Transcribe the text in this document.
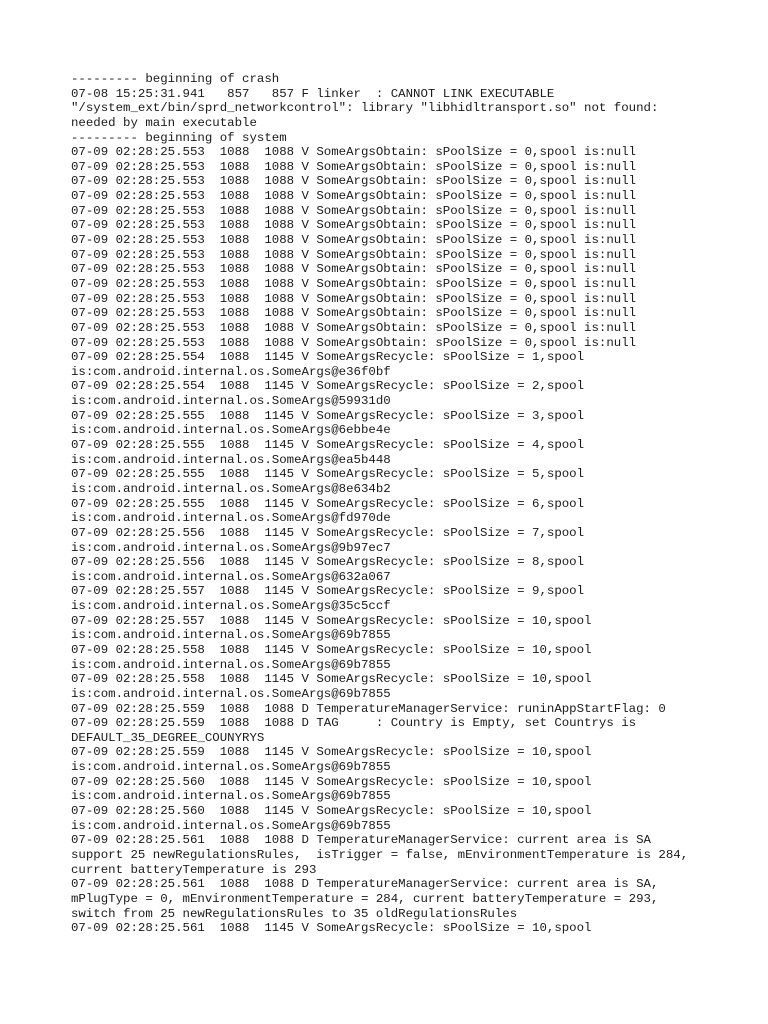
--------- beginning of crash
07-08 15:25:31.941   857   857 F linker  : CANNOT LINK EXECUTABLE
"/system_ext/bin/sprd_networkcontrol": library "libhidltransport.so" not found:
needed by main executable
--------- beginning of system
07-09 02:28:25.553  1088  1088 V SomeArgsObtain: sPoolSize = 0,spool is:null
07-09 02:28:25.553  1088  1088 V SomeArgsObtain: sPoolSize = 0,spool is:null
07-09 02:28:25.553  1088  1088 V SomeArgsObtain: sPoolSize = 0,spool is:null
07-09 02:28:25.553  1088  1088 V SomeArgsObtain: sPoolSize = 0,spool is:null
07-09 02:28:25.553  1088  1088 V SomeArgsObtain: sPoolSize = 0,spool is:null
07-09 02:28:25.553  1088  1088 V SomeArgsObtain: sPoolSize = 0,spool is:null
07-09 02:28:25.553  1088  1088 V SomeArgsObtain: sPoolSize = 0,spool is:null
07-09 02:28:25.553  1088  1088 V SomeArgsObtain: sPoolSize = 0,spool is:null
07-09 02:28:25.553  1088  1088 V SomeArgsObtain: sPoolSize = 0,spool is:null
07-09 02:28:25.553  1088  1088 V SomeArgsObtain: sPoolSize = 0,spool is:null
07-09 02:28:25.553  1088  1088 V SomeArgsObtain: sPoolSize = 0,spool is:null
07-09 02:28:25.553  1088  1088 V SomeArgsObtain: sPoolSize = 0,spool is:null
07-09 02:28:25.553  1088  1088 V SomeArgsObtain: sPoolSize = 0,spool is:null
07-09 02:28:25.553  1088  1088 V SomeArgsObtain: sPoolSize = 0,spool is:null
07-09 02:28:25.554  1088  1145 V SomeArgsRecycle: sPoolSize = 1,spool
is:com.android.internal.os.SomeArgs@e36f0bf
07-09 02:28:25.554  1088  1145 V SomeArgsRecycle: sPoolSize = 2,spool
is:com.android.internal.os.SomeArgs@59931d0
07-09 02:28:25.555  1088  1145 V SomeArgsRecycle: sPoolSize = 3,spool
is:com.android.internal.os.SomeArgs@6ebbe4e
07-09 02:28:25.555  1088  1145 V SomeArgsRecycle: sPoolSize = 4,spool
is:com.android.internal.os.SomeArgs@ea5b448
07-09 02:28:25.555  1088  1145 V SomeArgsRecycle: sPoolSize = 5,spool
is:com.android.internal.os.SomeArgs@8e634b2
07-09 02:28:25.555  1088  1145 V SomeArgsRecycle: sPoolSize = 6,spool
is:com.android.internal.os.SomeArgs@fd970de
07-09 02:28:25.556  1088  1145 V SomeArgsRecycle: sPoolSize = 7,spool
is:com.android.internal.os.SomeArgs@9b97ec7
07-09 02:28:25.556  1088  1145 V SomeArgsRecycle: sPoolSize = 8,spool
is:com.android.internal.os.SomeArgs@632a067
07-09 02:28:25.557  1088  1145 V SomeArgsRecycle: sPoolSize = 9,spool
is:com.android.internal.os.SomeArgs@35c5ccf
07-09 02:28:25.557  1088  1145 V SomeArgsRecycle: sPoolSize = 10,spool
is:com.android.internal.os.SomeArgs@69b7855
07-09 02:28:25.558  1088  1145 V SomeArgsRecycle: sPoolSize = 10,spool
is:com.android.internal.os.SomeArgs@69b7855
07-09 02:28:25.558  1088  1145 V SomeArgsRecycle: sPoolSize = 10,spool
is:com.android.internal.os.SomeArgs@69b7855
07-09 02:28:25.559  1088  1088 D TemperatureManagerService: runinAppStartFlag: 0
07-09 02:28:25.559  1088  1088 D TAG     : Country is Empty, set Countrys is
DEFAULT_35_DEGREE_COUNYRYS
07-09 02:28:25.559  1088  1145 V SomeArgsRecycle: sPoolSize = 10,spool
is:com.android.internal.os.SomeArgs@69b7855
07-09 02:28:25.560  1088  1145 V SomeArgsRecycle: sPoolSize = 10,spool
is:com.android.internal.os.SomeArgs@69b7855
07-09 02:28:25.560  1088  1145 V SomeArgsRecycle: sPoolSize = 10,spool
is:com.android.internal.os.SomeArgs@69b7855
07-09 02:28:25.561  1088  1088 D TemperatureManagerService: current area is SA
support 25 newRegulationsRules,  isTrigger = false, mEnvironmentTemperature is 284,
current batteryTemperature is 293
07-09 02:28:25.561  1088  1088 D TemperatureManagerService: current area is SA,
mPlugType = 0, mEnvironmentTemperature = 284, current batteryTemperature = 293,
switch from 25 newRegulationsRules to 35 oldRegulationsRules
07-09 02:28:25.561  1088  1145 V SomeArgsRecycle: sPoolSize = 10,spool
